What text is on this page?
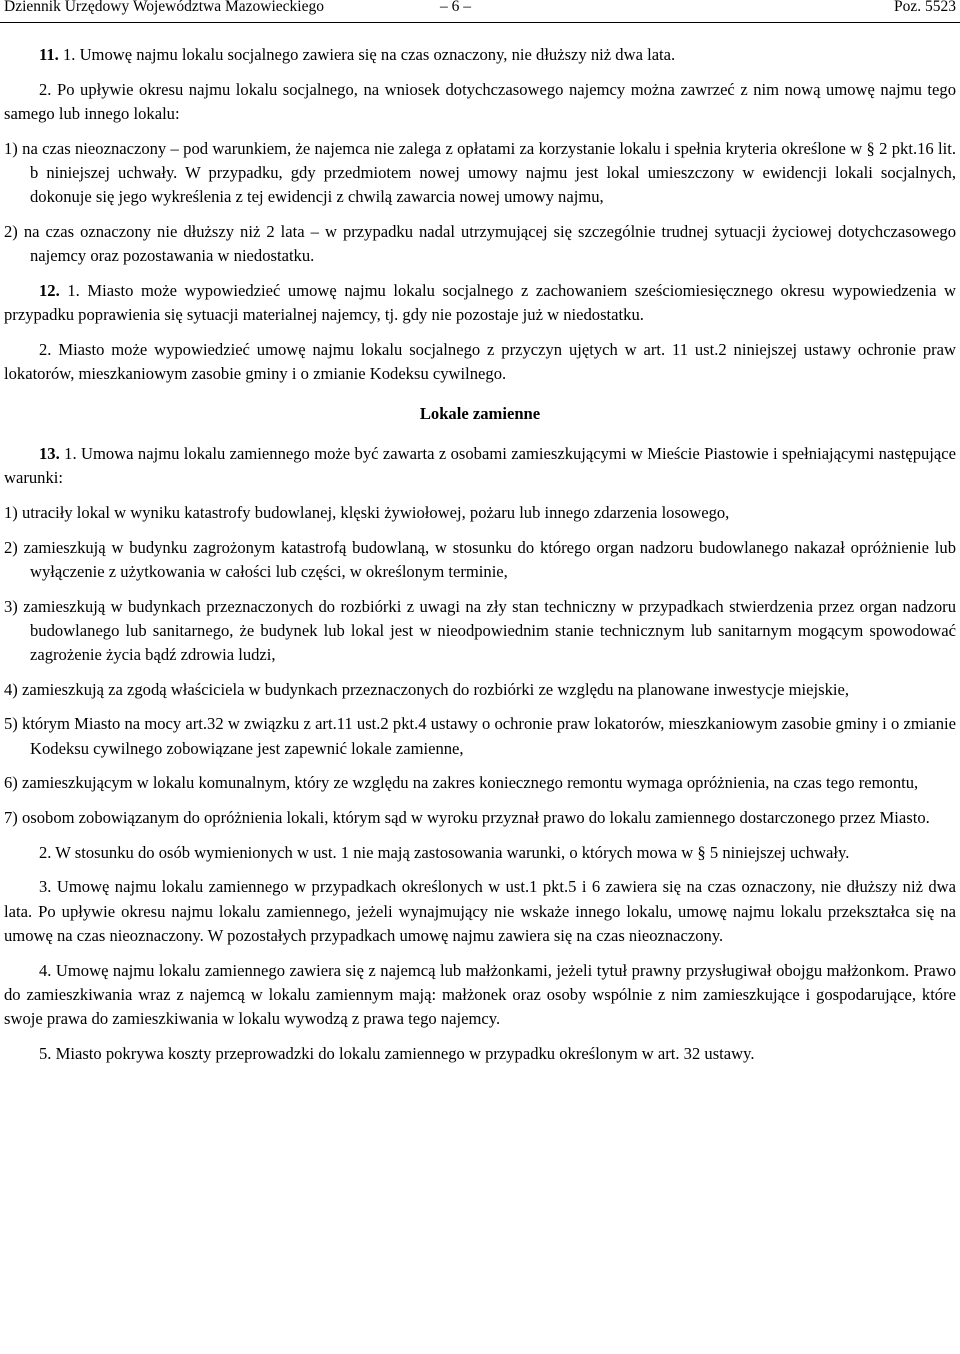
Dziennik Urzędowy Województwa Mazowieckiego	– 6 –	Poz. 5523

11. 1. Umowę najmu lokalu socjalnego zawiera się na czas oznaczony, nie dłuższy niż dwa lata.

2. Po upływie okresu najmu lokalu socjalnego, na wniosek dotychczasowego najemcy można zawrzeć z nim nową umowę najmu tego samego lub innego lokalu:

1) na czas nieoznaczony – pod warunkiem, że najemca nie zalega z opłatami za korzystanie lokalu i spełnia kryteria określone w § 2 pkt.16 lit. b niniejszej uchwały. W przypadku, gdy przedmiotem nowej umowy najmu jest lokal umieszczony w ewidencji lokali socjalnych, dokonuje się jego wykreślenia z tej ewidencji z chwilą zawarcia nowej umowy najmu,

2) na czas oznaczony nie dłuższy niż 2 lata – w przypadku nadal utrzymującej się szczególnie trudnej sytuacji życiowej dotychczasowego najemcy oraz pozostawania w niedostatku.

12. 1. Miasto może wypowiedzieć umowę najmu lokalu socjalnego z zachowaniem sześciomiesięcznego okresu wypowiedzenia w przypadku poprawienia się sytuacji materialnej najemcy, tj. gdy nie pozostaje już w niedostatku.

2. Miasto może wypowiedzieć umowę najmu lokalu socjalnego z przyczyn ujętych w art. 11 ust.2 niniejszej ustawy ochronie praw lokatorów, mieszkaniowym zasobie gminy i o zmianie Kodeksu cywilnego.

Lokale zamienne

13. 1. Umowa najmu lokalu zamiennego może być zawarta z osobami zamieszkującymi w Mieście Piastowie i spełniającymi następujące warunki:

1) utraciły lokal w wyniku katastrofy budowlanej, klęski żywiołowej, pożaru lub innego zdarzenia losowego,

2) zamieszkują w budynku zagrożonym katastrofą budowlaną, w stosunku do którego organ nadzoru budowlanego nakazał opróżnienie lub wyłączenie z użytkowania w całości lub części, w określonym terminie,

3) zamieszkują w budynkach przeznaczonych do rozbiórki z uwagi na zły stan techniczny w przypadkach stwierdzenia przez organ nadzoru budowlanego lub sanitarnego, że budynek lub lokal jest w nieodpowiednim stanie technicznym lub sanitarnym mogącym spowodować zagrożenie życia bądź zdrowia ludzi,

4) zamieszkują za zgodą właściciela w budynkach przeznaczonych do rozbiórki ze względu na planowane inwestycje miejskie,

5) którym Miasto na mocy art.32 w związku z art.11 ust.2 pkt.4 ustawy o ochronie praw lokatorów, mieszkaniowym zasobie gminy i o zmianie Kodeksu cywilnego zobowiązane jest zapewnić lokale zamienne,

6) zamieszkującym w lokalu komunalnym, który ze względu na zakres koniecznego remontu wymaga opróżnienia, na czas tego remontu,

7) osobom zobowiązanym do opróżnienia lokali, którym sąd w wyroku przyznał prawo do lokalu zamiennego dostarczonego przez Miasto.

2. W stosunku do osób wymienionych w ust. 1 nie mają zastosowania warunki, o których mowa w § 5 niniejszej uchwały.

3. Umowę najmu lokalu zamiennego w przypadkach określonych w ust.1 pkt.5 i 6 zawiera się na czas oznaczony, nie dłuższy niż dwa lata. Po upływie okresu najmu lokalu zamiennego, jeżeli wynajmujący nie wskaże innego lokalu, umowę najmu lokalu przekształca się na umowę na czas nieoznaczony. W pozostałych przypadkach umowę najmu zawiera się na czas nieoznaczony.

4. Umowę najmu lokalu zamiennego zawiera się z najemcą lub małżonkami, jeżeli tytuł prawny przysługiwał obojgu małżonkom. Prawo do zamieszkiwania wraz z najemcą w lokalu zamiennym mają: małżonek oraz osoby wspólnie z nim zamieszkujące i gospodarujące, które swoje prawa do zamieszkiwania w lokalu wywodzą z prawa tego najemcy.

5. Miasto pokrywa koszty przeprowadzki do lokalu zamiennego w przypadku określonym w art. 32 ustawy.
